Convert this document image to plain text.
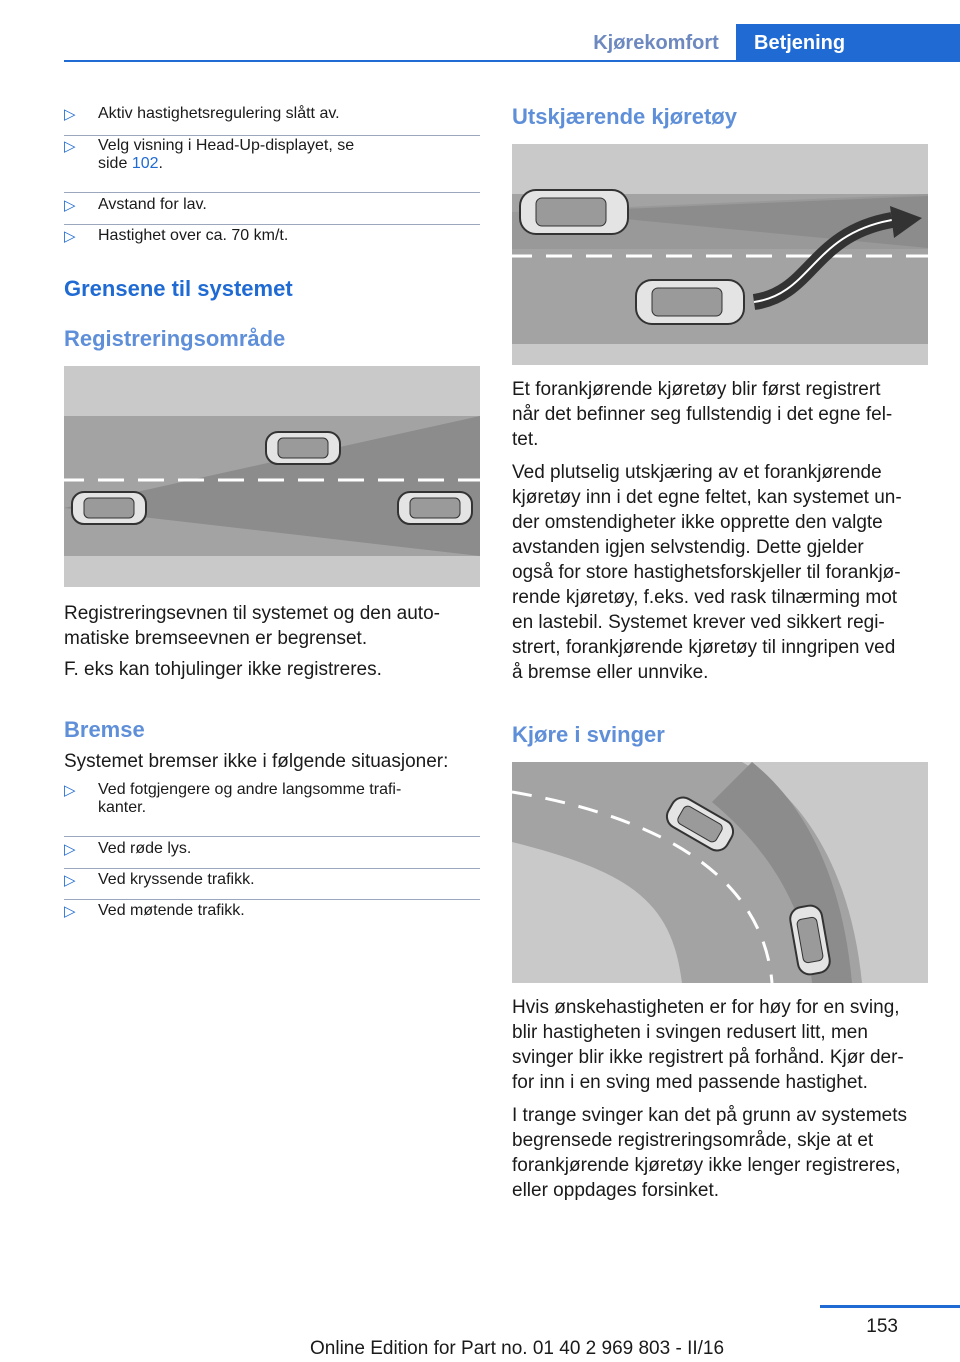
Kjørekomfort	Betjening
▷ Aktiv hastighetsregulering slått av.
▷ Velg visning i Head-Up-displayet, se
side 102.
▷ Avstand for lav.
▷ Hastighet over ca. 70 km/t.
Grensene til systemet
Registreringsområde
Registreringsevnen til systemet og den auto-
matiske bremseevnen er begrenset.
F. eks kan tohjulinger ikke registreres.
Bremse
Systemet bremser ikke i følgende situasjoner:
▷ Ved fotgjengere og andre langsomme trafi-
kanter.
▷ Ved røde lys.
▷ Ved kryssende trafikk.
▷ Ved møtende trafikk.
Utskjærende kjøretøy
Et forankjørende kjøretøy blir først registrert
når det befinner seg fullstendig i det egne fel-
tet.
Ved plutselig utskjæring av et forankjørende
kjøretøy inn i det egne feltet, kan systemet un-
der omstendigheter ikke opprette den valgte
avstanden igjen selvstendig. Dette gjelder
også for store hastighetsforskjeller til forankjø-
rende kjøretøy, f.eks. ved rask tilnærming mot
en lastebil. Systemet krever ved sikkert regi-
strert, forankjørende kjøretøy til inngripen ved
å bremse eller unnvike.
Kjøre i svinger
Hvis ønskehastigheten er for høy for en sving,
blir hastigheten i svingen redusert litt, men
svinger blir ikke registrert på forhånd. Kjør der-
for inn i en sving med passende hastighet.
I trange svinger kan det på grunn av systemets
begrensede registreringsområde, skje at et
forankjørende kjøretøy ikke lenger registreres,
eller oppdages forsinket.
153
Online Edition for Part no. 01 40 2 969 803 - II/16
